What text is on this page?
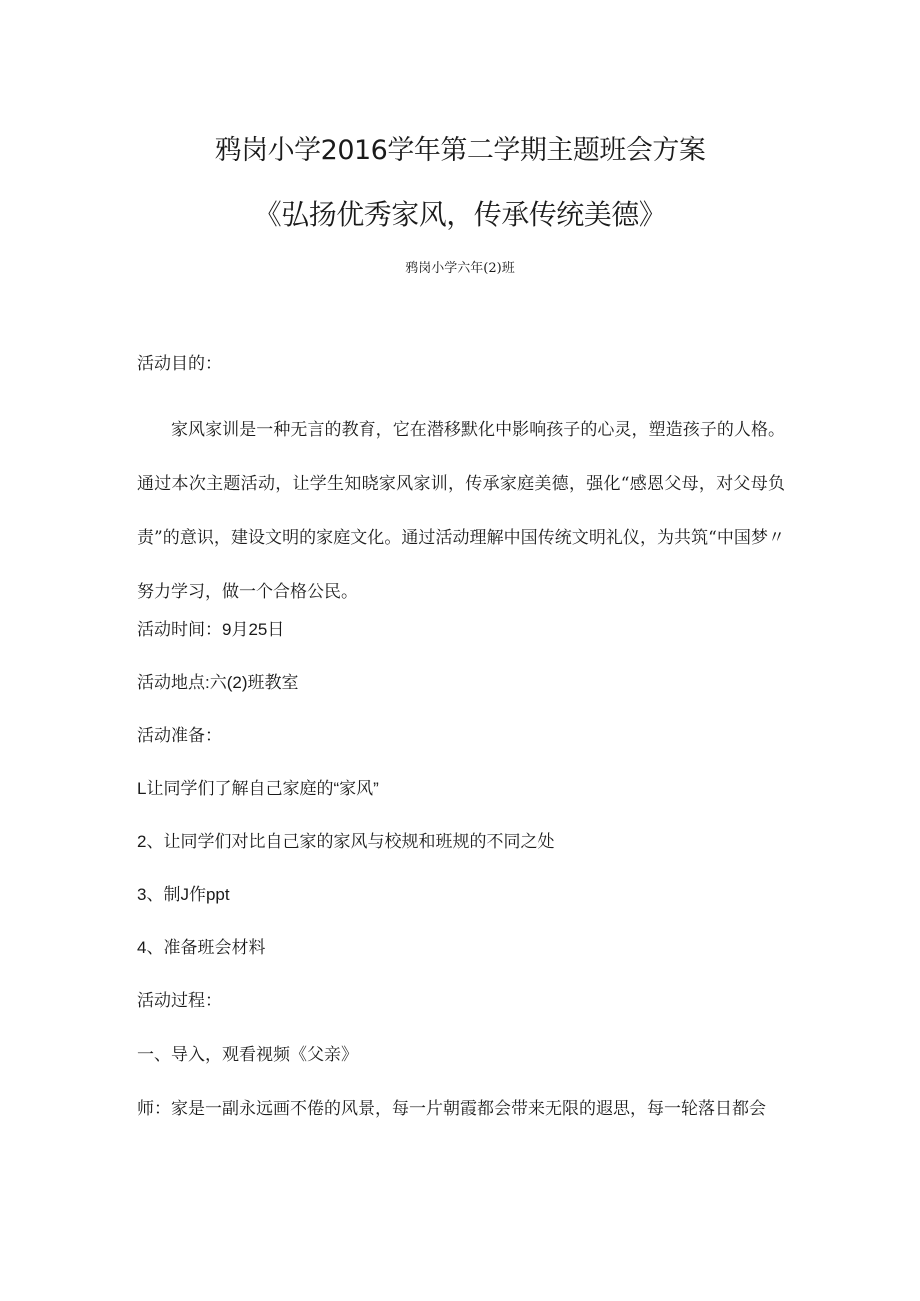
鸦岗小学2016学年第二学期主题班会方案
《弘扬优秀家风，传承传统美德》
鸦岗小学六年(2)班
活动目的：
家风家训是一种无言的教育，它在潜移默化中影响孩子的心灵，塑造孩子的人格。通过本次主题活动，让学生知晓家风家训，传承家庭美德，强化“感恩父母，对父母负责”的意识，建设文明的家庭文化。通过活动理解中国传统文明礼仪，为共筑“中国梦〃努力学习，做一个合格公民。
活动时间：9月25日
活动地点:六(2)班教室
活动准备：
L让同学们了解自己家庭的“家风”
2、让同学们对比自己家的家风与校规和班规的不同之处
3、制J作ppt
4、准备班会材料
活动过程：
一、导入，观看视频《父亲》
师：家是一副永远画不倦的风景，每一片朝霞都会带来无限的遐思，每一轮落日都会
